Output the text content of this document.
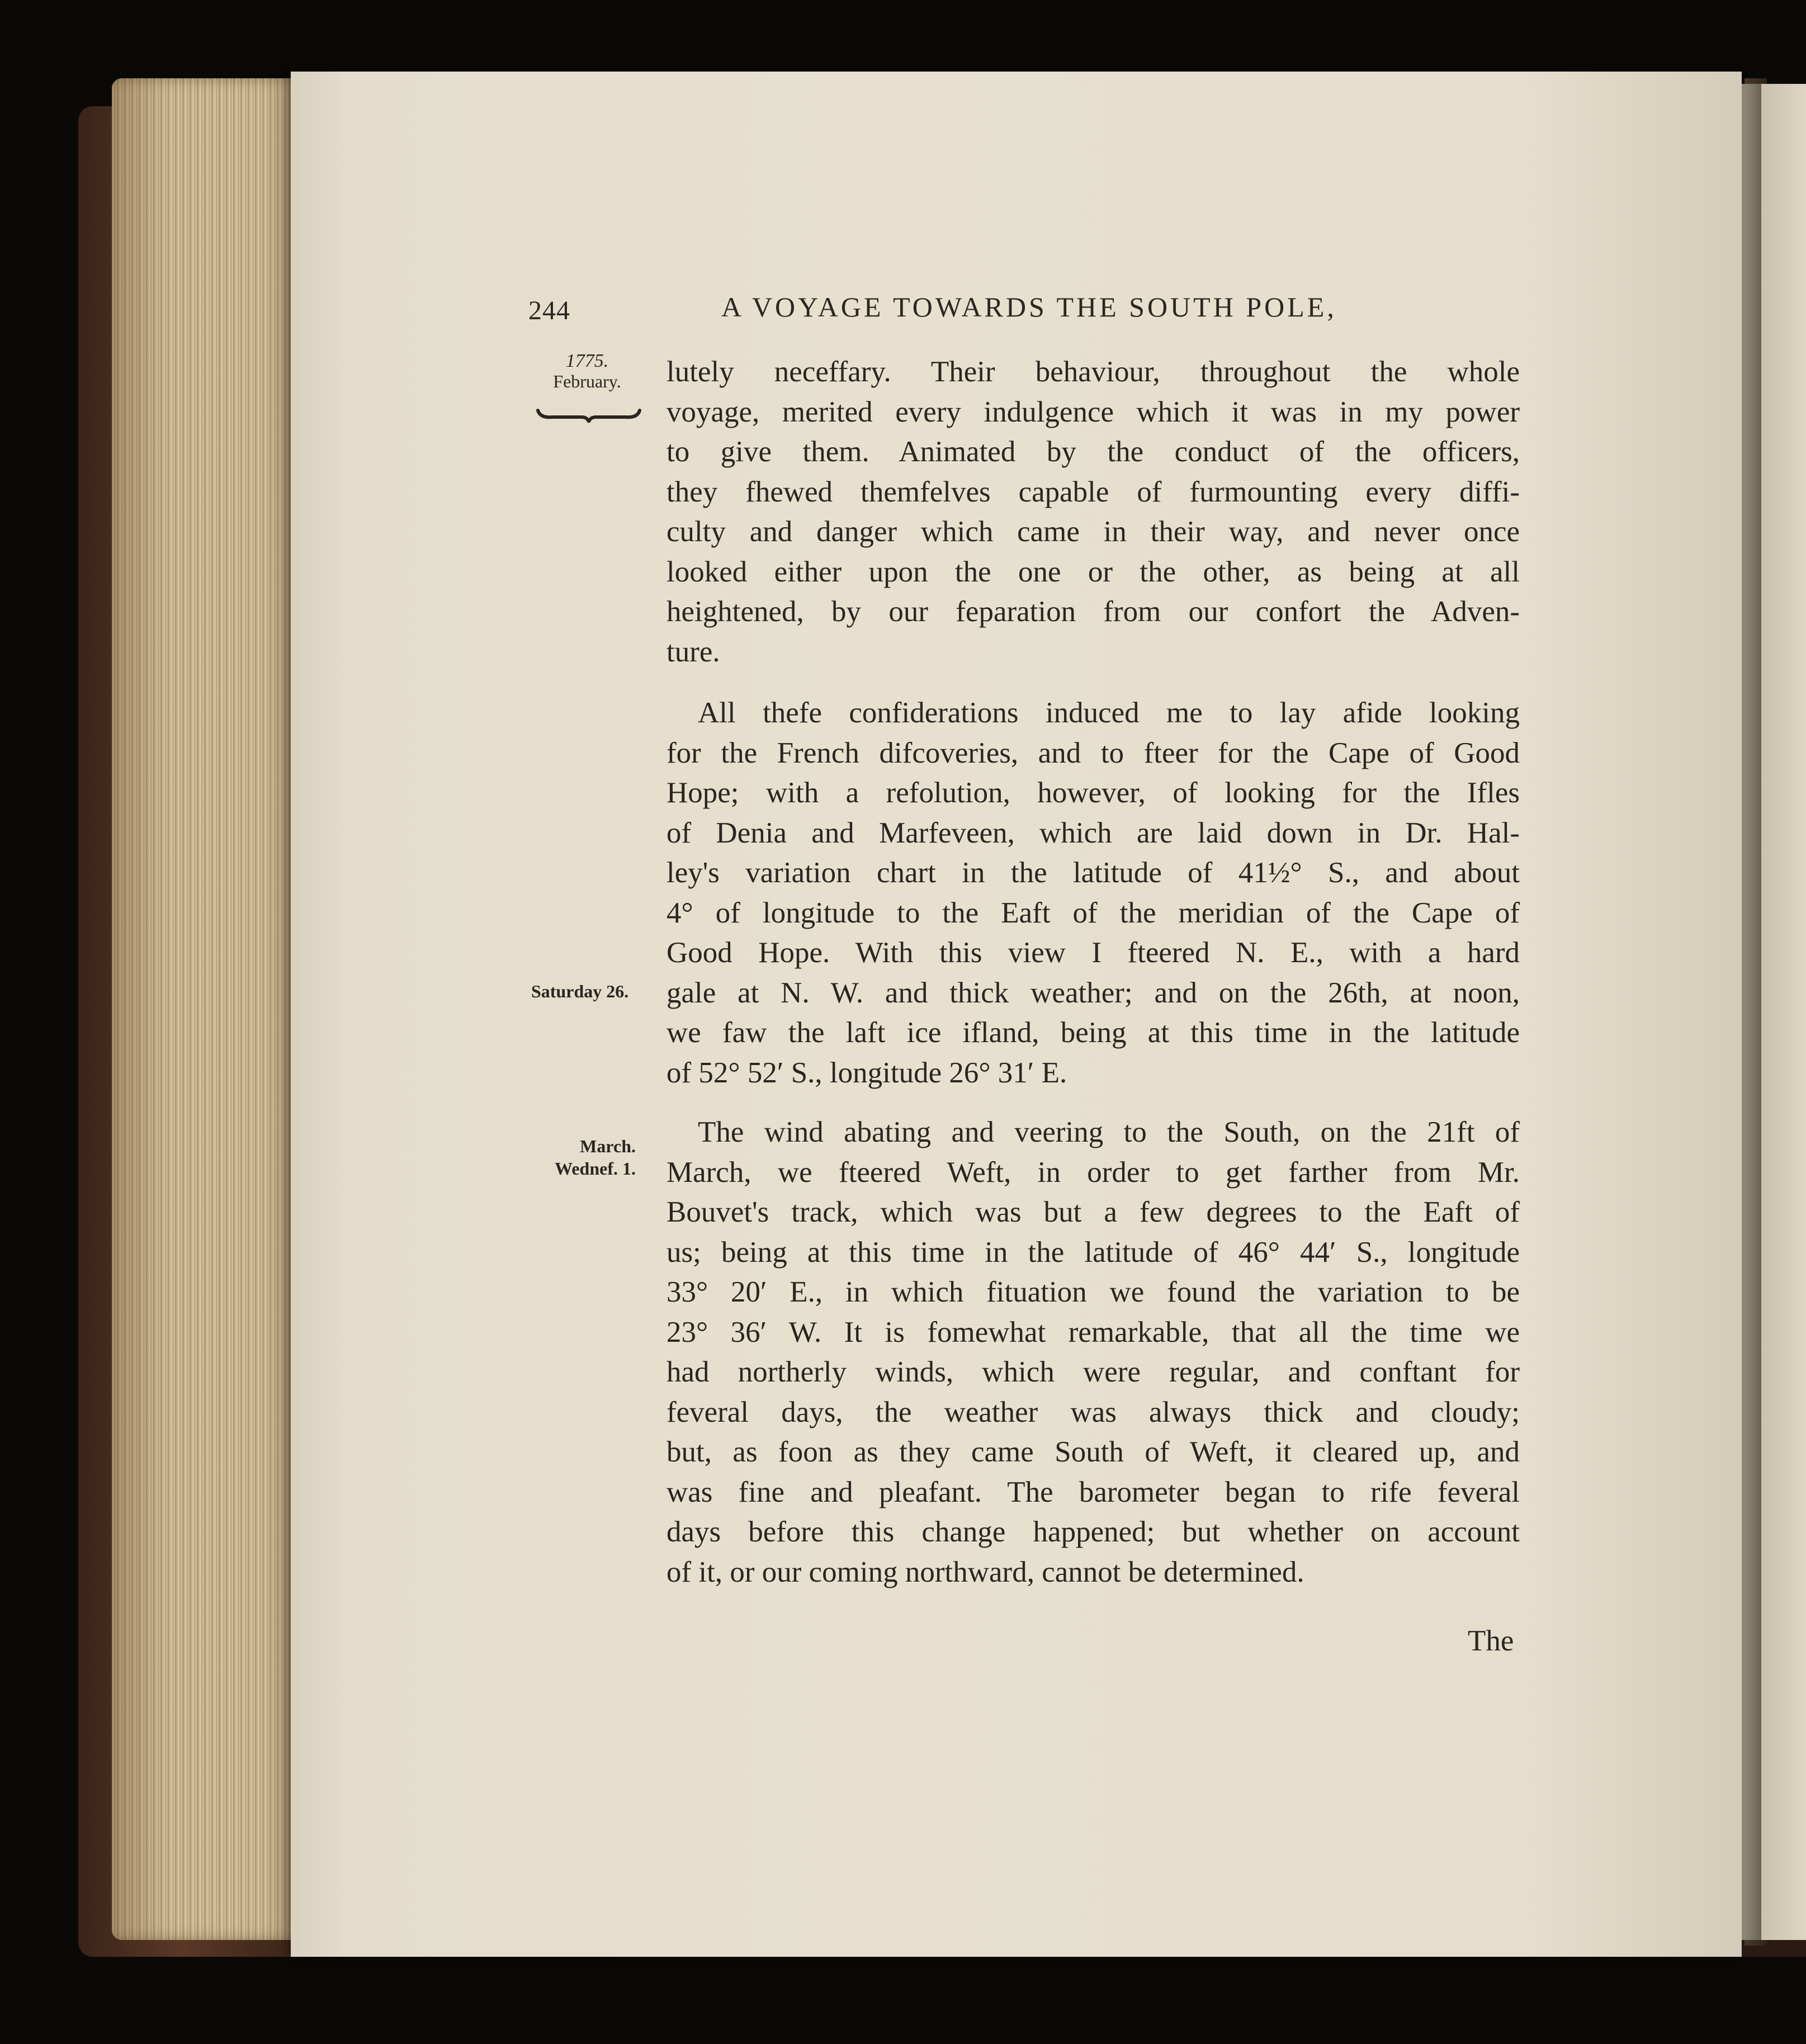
244	A VOYAGE TOWARDS THE SOUTH POLE,
1775.
February.
Saturday 26.
March.
Wednef. 1.
lutely neceffary. Their behaviour, throughout the whole
voyage, merited every indulgence which it was in my power
to give them. Animated by the conduct of the officers,
they fhewed themfelves capable of furmounting every diffi-
culty and danger which came in their way, and never once
looked either upon the one or the other, as being at all
heightened, by our feparation from our confort the Adven-
ture.
All thefe confiderations induced me to lay afide looking
for the French difcoveries, and to fteer for the Cape of Good
Hope; with a refolution, however, of looking for the Ifles
of Denia and Marfeveen, which are laid down in Dr. Hal-
ley's variation chart in the latitude of 41½° S., and about
4° of longitude to the Eaft of the meridian of the Cape of
Good Hope. With this view I fteered N. E., with a hard
gale at N. W. and thick weather; and on the 26th, at noon,
we faw the laft ice ifland, being at this time in the latitude
of 52° 52′ S., longitude 26° 31′ E.
The wind abating and veering to the South, on the 21ft of
March, we fteered Weft, in order to get farther from Mr.
Bouvet's track, which was but a few degrees to the Eaft of
us; being at this time in the latitude of 46° 44′ S., longitude
33° 20′ E., in which fituation we found the variation to be
23° 36′ W. It is fomewhat remarkable, that all the time we
had northerly winds, which were regular, and conftant for
feveral days, the weather was always thick and cloudy;
but, as foon as they came South of Weft, it cleared up, and
was fine and pleafant. The barometer began to rife feveral
days before this change happened; but whether on account
of it, or our coming northward, cannot be determined.
The
